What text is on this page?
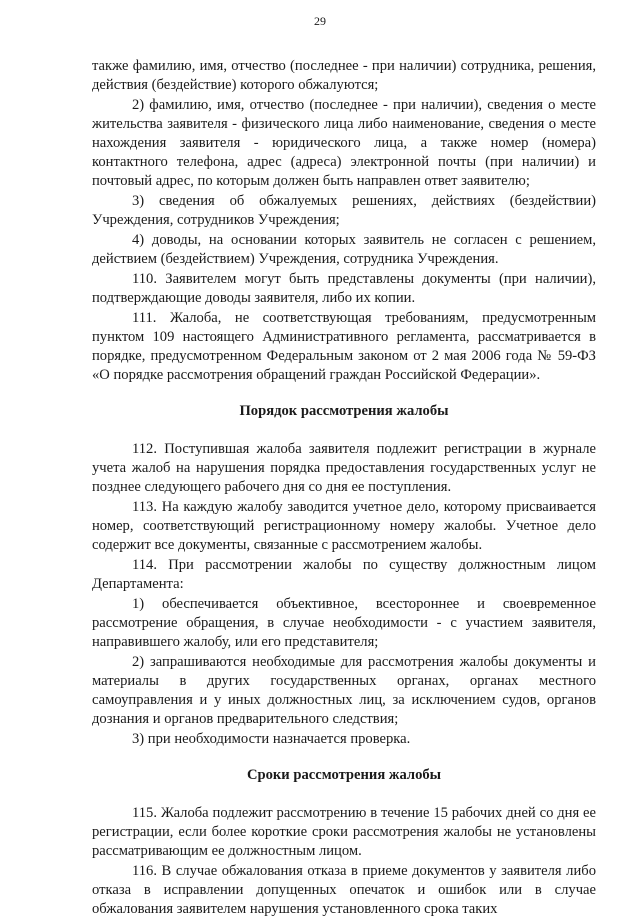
29

также фамилию, имя, отчество (последнее - при наличии) сотрудника, решения, действия (бездействие) которого обжалуются;

2) фамилию, имя, отчество (последнее - при наличии), сведения о месте жительства заявителя - физического лица либо наименование, сведения о месте нахождения заявителя - юридического лица, а также номер (номера) контактного телефона, адрес (адреса) электронной почты (при наличии) и почтовый адрес, по которым должен быть направлен ответ заявителю;

3) сведения об обжалуемых решениях, действиях (бездействии) Учреждения, сотрудников Учреждения;

4) доводы, на основании которых заявитель не согласен с решением, действием (бездействием) Учреждения, сотрудника Учреждения.

110. Заявителем могут быть представлены документы (при наличии), подтверждающие доводы заявителя, либо их копии.

111. Жалоба, не соответствующая требованиям, предусмотренным пунктом 109 настоящего Административного регламента, рассматривается в порядке, предусмотренном Федеральным законом от 2 мая 2006 года № 59-ФЗ «О порядке рассмотрения обращений граждан Российской Федерации».

Порядок рассмотрения жалобы

112. Поступившая жалоба заявителя подлежит регистрации в журнале учета жалоб на нарушения порядка предоставления государственных услуг не позднее следующего рабочего дня со дня ее поступления.

113. На каждую жалобу заводится учетное дело, которому присваивается номер, соответствующий регистрационному номеру жалобы. Учетное дело содержит все документы, связанные с рассмотрением жалобы.

114. При рассмотрении жалобы по существу должностным лицом Департамента:

1) обеспечивается объективное, всестороннее и своевременное рассмотрение обращения, в случае необходимости - с участием заявителя, направившего жалобу, или его представителя;

2) запрашиваются необходимые для рассмотрения жалобы документы и материалы в других государственных органах, органах местного самоуправления и у иных должностных лиц, за исключением судов, органов дознания и органов предварительного следствия;

3) при необходимости назначается проверка.

Сроки рассмотрения жалобы

115. Жалоба подлежит рассмотрению в течение 15 рабочих дней со дня ее регистрации, если более короткие сроки рассмотрения жалобы не установлены рассматривающим ее должностным лицом.

116. В случае обжалования отказа в приеме документов у заявителя либо отказа в исправлении допущенных опечаток и ошибок или в случае обжалования заявителем нарушения установленного срока таких
